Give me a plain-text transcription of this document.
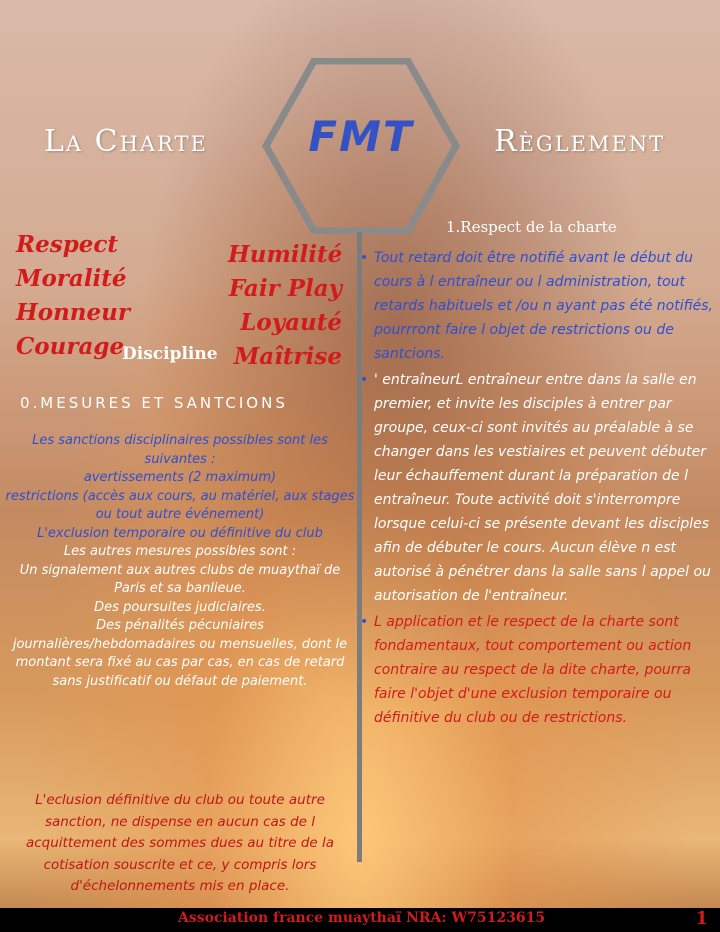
FMT
La Charte	Règlement
Respect
Moralité
Honneur
Courage
Humilité
Fair Play
Loyauté
Maîtrise
Discipline
0.MESURES ET SANTCIONS
Les sanctions disciplinaires possibles sont les suivantes :
avertissements (2 maximum)
restrictions (accès aux cours, au matériel, aux stages ou tout autre événement)
L'exclusion temporaire ou définitive du club
Les autres mesures possibles sont :
Un signalement aux autres clubs de muaythaï de Paris et sa banlieue.
Des poursuites judiciaires.
Des pénalités pécuniaires journalières/hebdomadaires ou mensuelles, dont le montant sera fixé au cas par cas, en cas de retard sans justificatif ou défaut de paiement.
L'eclusion définitive du club ou toute autre sanction, ne dispense en aucun cas de l acquittement des sommes dues au titre de la cotisation souscrite et ce, y compris lors d'échelonnements mis en place.
1.Respect de la charte
• Tout retard doit être notifié avant le début du cours à l entraîneur ou l administration, tout retards habituels et /ou n ayant pas été notifiés, pourrront faire l objet de restrictions ou de santcions.
• ' entraîneurL entraîneur entre dans la salle en premier, et invite les disciples à entrer par groupe, ceux-ci sont invités au préalable à se changer dans les vestiaires et peuvent débuter leur échauffement durant la préparation de l entraîneur. Toute activité doit s'interrompre lorsque celui-ci se présente devant les disciples afin de débuter le cours. Aucun élève n est autorisé à pénétrer dans la salle sans l appel ou autorisation de l'entraîneur.
• L application et le respect de la charte sont fondamentaux, tout comportement ou action contraire au respect de la dite charte, pourra faire l'objet d'une exclusion temporaire ou définitive du club ou de restrictions.
Association france muaythaï NRA: W75123615	1
